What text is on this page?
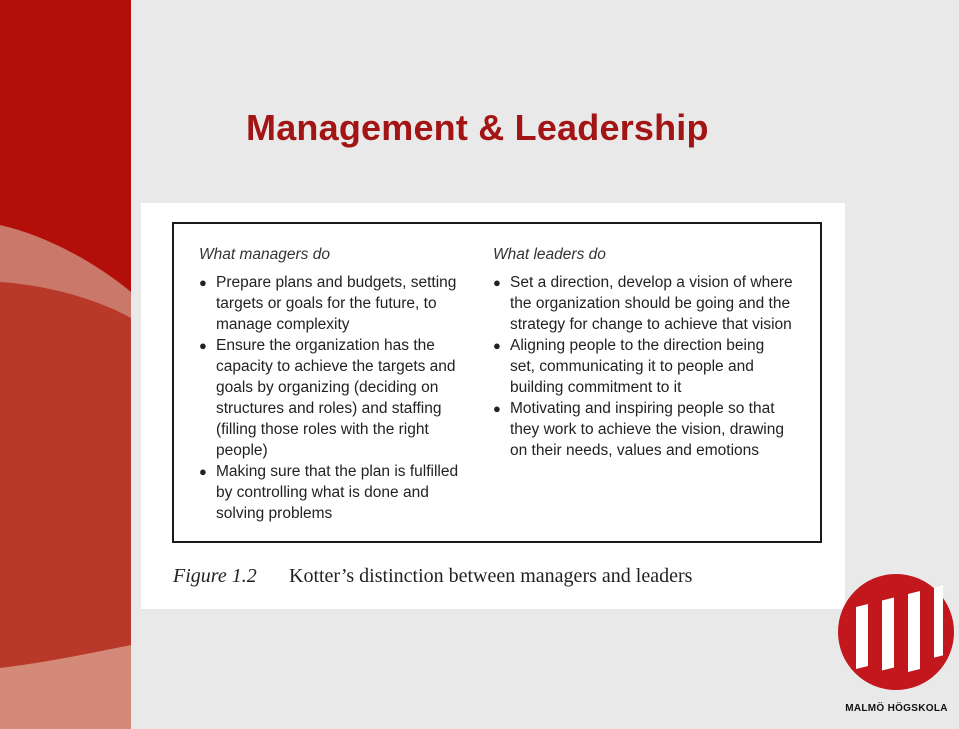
Management & Leadership
What managers do
● Prepare plans and budgets, setting targets or goals for the future, to manage complexity
● Ensure the organization has the capacity to achieve the targets and goals by organizing (deciding on structures and roles) and staffing (filling those roles with the right people)
● Making sure that the plan is fulfilled by controlling what is done and solving problems
What leaders do
● Set a direction, develop a vision of where the organization should be going and the strategy for change to achieve that vision
● Aligning people to the direction being set, communicating it to people and building commitment to it
● Motivating and inspiring people so that they work to achieve the vision, drawing on their needs, values and emotions
Figure 1.2 Kotter’s distinction between managers and leaders
MALMÖ HÖGSKOLA
